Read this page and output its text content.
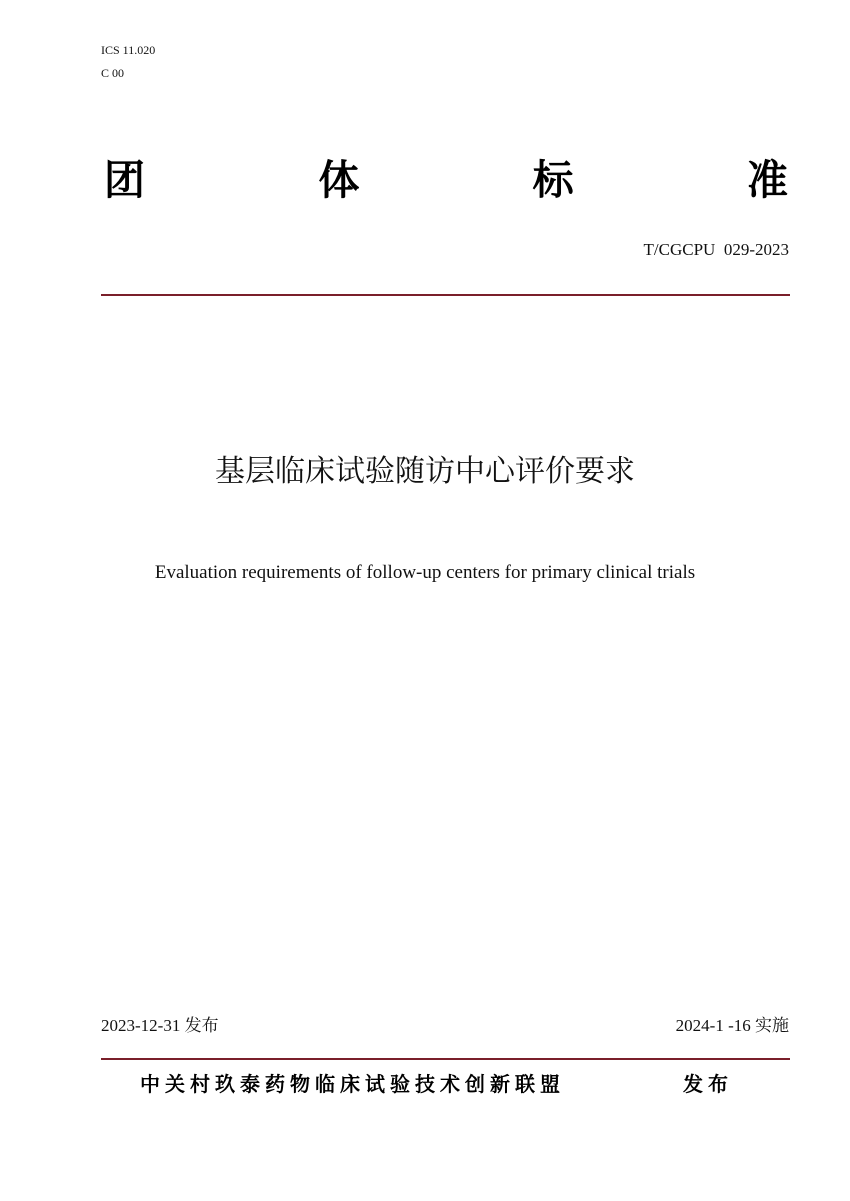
ICS 11.020
C 00
团	体	标	准
T/CGCPU  029-2023
基层临床试验随访中心评价要求
Evaluation requirements of follow-up centers for primary clinical trials
2023-12-31 发布	2024-1 -16 实施
中关村玖泰药物临床试验技术创新联盟	发布
